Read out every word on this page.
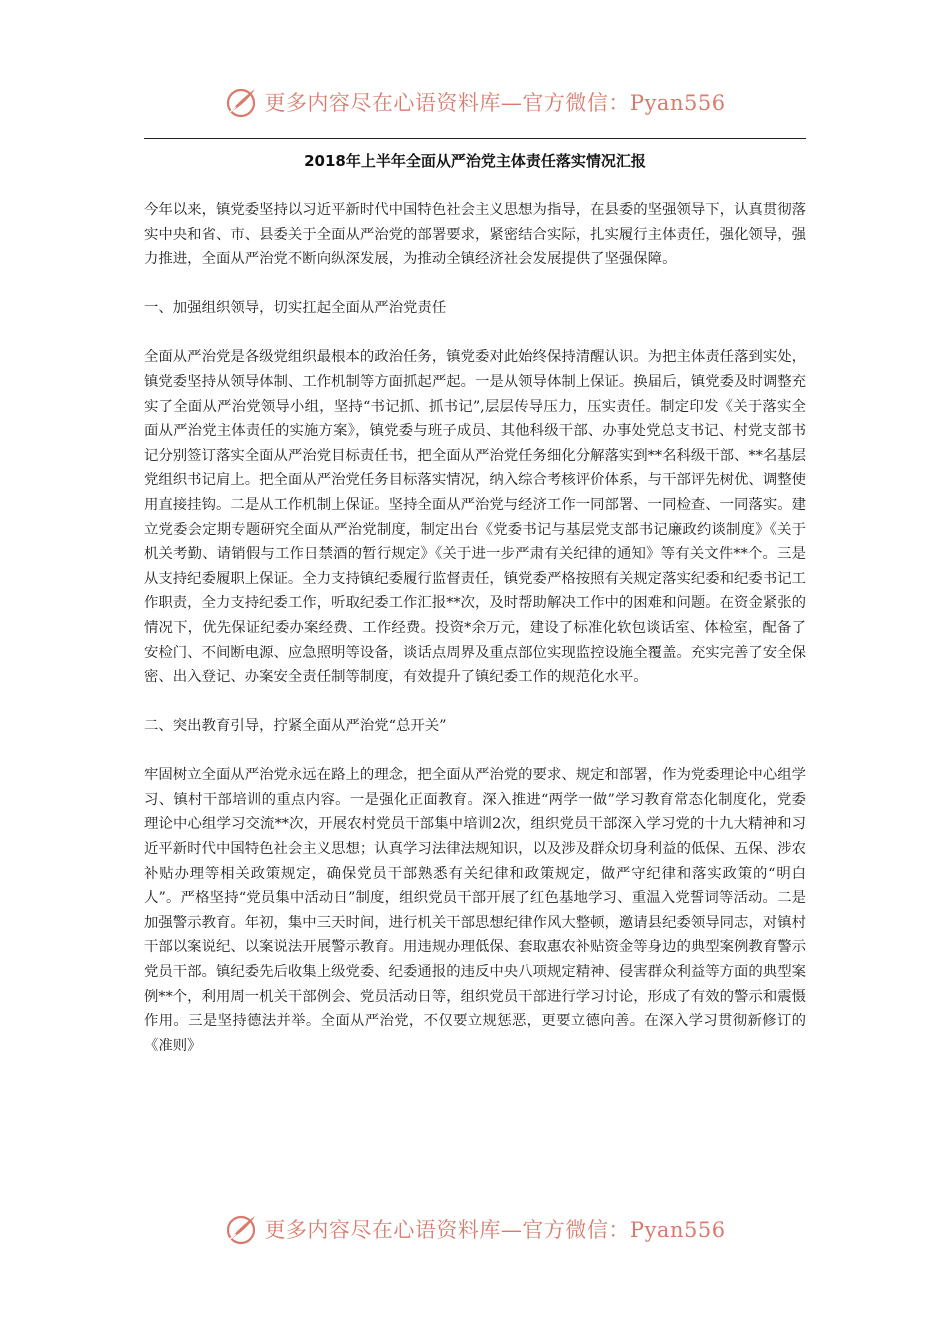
更多内容尽在心语资料库—官方微信：Pyan556
2018年上半年全面从严治党主体责任落实情况汇报

今年以来，镇党委坚持以习近平新时代中国特色社会主义思想为指导，在县委的坚强领导下，认真贯彻落实中央和省、市、县委关于全面从严治党的部署要求，紧密结合实际，扎实履行主体责任，强化领导，强力推进，全面从严治党不断向纵深发展，为推动全镇经济社会发展提供了坚强保障。

一、加强组织领导，切实扛起全面从严治党责任

全面从严治党是各级党组织最根本的政治任务，镇党委对此始终保持清醒认识。为把主体责任落到实处，镇党委坚持从领导体制、工作机制等方面抓起严起。一是从领导体制上保证。换届后，镇党委及时调整充实了全面从严治党领导小组，坚持“书记抓、抓书记”,层层传导压力，压实责任。制定印发《关于落实全面从严治党主体责任的实施方案》，镇党委与班子成员、其他科级干部、办事处党总支书记、村党支部书记分别签订落实全面从严治党目标责任书，把全面从严治党任务细化分解落实到**名科级干部、**名基层党组织书记肩上。把全面从严治党任务目标落实情况，纳入综合考核评价体系，与干部评先树优、调整使用直接挂钩。二是从工作机制上保证。坚持全面从严治党与经济工作一同部署、一同检查、一同落实。建立党委会定期专题研究全面从严治党制度，制定出台《党委书记与基层党支部书记廉政约谈制度》《关于机关考勤、请销假与工作日禁酒的暂行规定》《关于进一步严肃有关纪律的通知》等有关文件**个。三是从支持纪委履职上保证。全力支持镇纪委履行监督责任，镇党委严格按照有关规定落实纪委和纪委书记工作职责，全力支持纪委工作，听取纪委工作汇报**次，及时帮助解决工作中的困难和问题。在资金紧张的情况下，优先保证纪委办案经费、工作经费。投资*余万元，建设了标准化软包谈话室、体检室，配备了安检门、不间断电源、应急照明等设备，谈话点周界及重点部位实现监控设施全覆盖。充实完善了安全保密、出入登记、办案安全责任制等制度，有效提升了镇纪委工作的规范化水平。

二、突出教育引导，拧紧全面从严治党“总开关”

牢固树立全面从严治党永远在路上的理念，把全面从严治党的要求、规定和部署，作为党委理论中心组学习、镇村干部培训的重点内容。一是强化正面教育。深入推进“两学一做”学习教育常态化制度化，党委理论中心组学习交流**次，开展农村党员干部集中培训2次，组织党员干部深入学习党的十九大精神和习近平新时代中国特色社会主义思想；认真学习法律法规知识，以及涉及群众切身利益的低保、五保、涉农补贴办理等相关政策规定，确保党员干部熟悉有关纪律和政策规定，做严守纪律和落实政策的“明白人”。严格坚持“党员集中活动日”制度，组织党员干部开展了红色基地学习、重温入党誓词等活动。二是加强警示教育。年初，集中三天时间，进行机关干部思想纪律作风大整顿，邀请县纪委领导同志，对镇村干部以案说纪、以案说法开展警示教育。用违规办理低保、套取惠农补贴资金等身边的典型案例教育警示党员干部。镇纪委先后收集上级党委、纪委通报的违反中央八项规定精神、侵害群众利益等方面的典型案例**个，利用周一机关干部例会、党员活动日等，组织党员干部进行学习讨论，形成了有效的警示和震慑作用。三是坚持德法并举。全面从严治党，不仅要立规惩恶，更要立德向善。在深入学习贯彻新修订的《准则》

更多内容尽在心语资料库—官方微信：Pyan556
